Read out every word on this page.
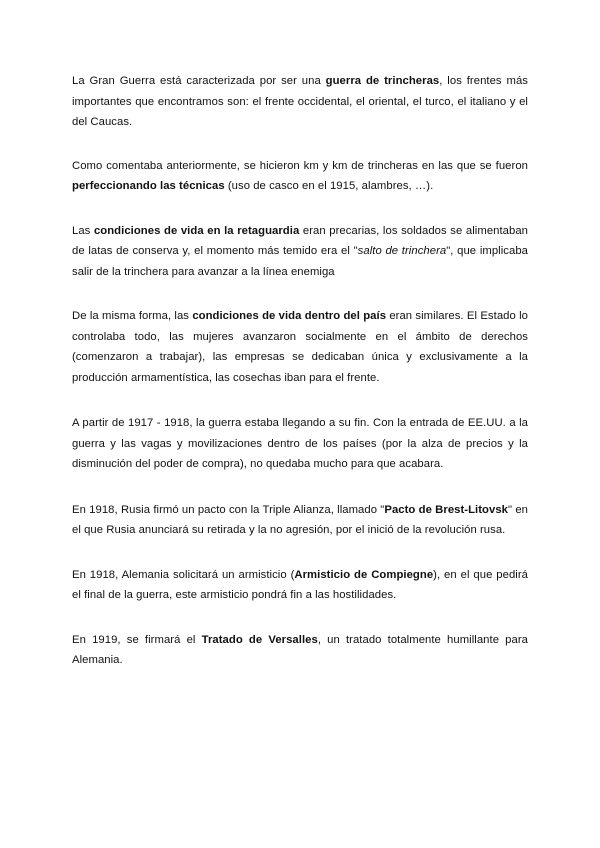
La Gran Guerra está caracterizada por ser una guerra de trincheras, los frentes más importantes que encontramos son: el frente occidental, el oriental, el turco, el italiano y el del Caucas.

Como comentaba anteriormente, se hicieron km y km de trincheras en las que se fueron perfeccionando las técnicas (uso de casco en el 1915, alambres, …).

Las condiciones de vida en la retaguardia eran precarias, los soldados se alimentaban de latas de conserva y, el momento más temido era el "salto de trinchera", que implicaba salir de la trinchera para avanzar a la línea enemiga

De la misma forma, las condiciones de vida dentro del país eran similares. El Estado lo controlaba todo, las mujeres avanzaron socialmente en el ámbito de derechos (comenzaron a trabajar), las empresas se dedicaban única y exclusivamente a la producción armamentística, las cosechas iban para el frente.

A partir de 1917 - 1918, la guerra estaba llegando a su fin. Con la entrada de EE.UU. a la guerra y las vagas y movilizaciones dentro de los países (por la alza de precios y la disminución del poder de compra), no quedaba mucho para que acabara.

En 1918, Rusia firmó un pacto con la Triple Alianza, llamado "Pacto de Brest-Litovsk" en el que Rusia anunciará su retirada y la no agresión, por el inició de la revolución rusa.

En 1918, Alemania solicitará un armisticio (Armisticio de Compiegne), en el que pedirá el final de la guerra, este armisticio pondrá fin a las hostilidades.

En 1919, se firmará el Tratado de Versalles, un tratado totalmente humillante para Alemania.
